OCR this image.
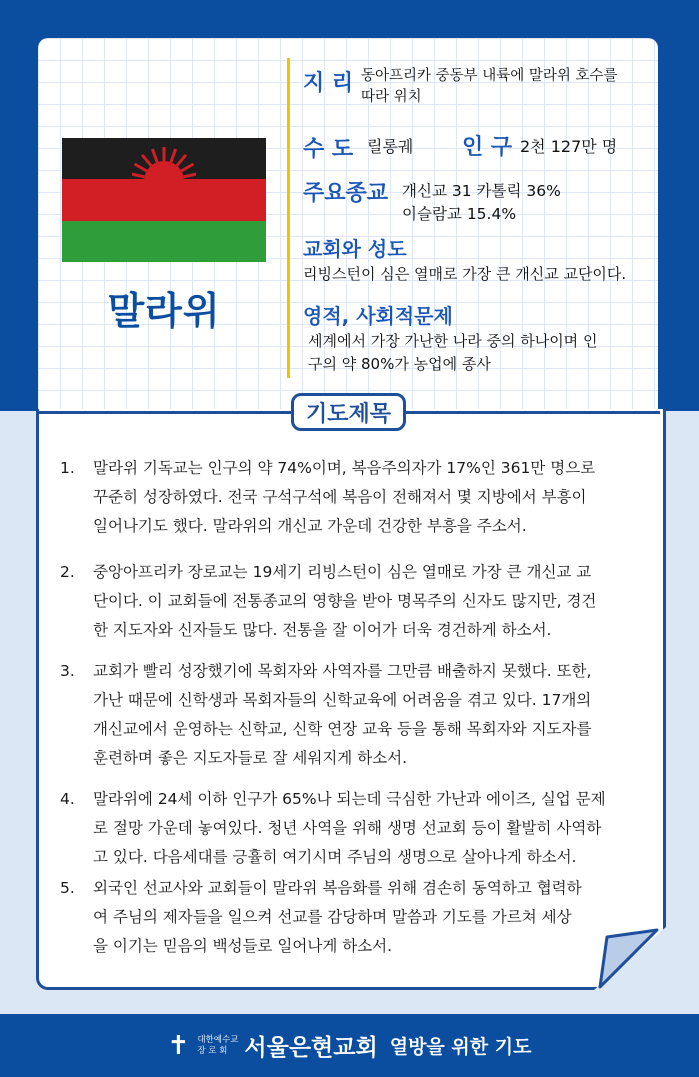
말라위
지 리 동아프리카 중동부 내륙에 말라위 호수를
따라 위치
수 도 릴롱궤 인 구 2천 127만 명
주요종교 개신교 31 카톨릭 36%
이슬람교 15.4%
교회와 성도
리빙스턴이 심은 열매로 가장 큰 개신교 교단이다.
영적, 사회적문제
세계에서 가장 가난한 나라 중의 하나이며 인
구의 약 80%가 농업에 종사
기도제목
1. 말라위 기독교는 인구의 약 74%이며, 복음주의자가 17%인 361만 명으로
꾸준히 성장하였다. 전국 구석구석에 복음이 전해져서 몇 지방에서 부흥이
일어나기도 했다. 말라위의 개신교 가운데 건강한 부흥을 주소서.
2. 중앙아프리카 장로교는 19세기 리빙스턴이 심은 열매로 가장 큰 개신교 교
단이다. 이 교회들에 전통종교의 영향을 받아 명목주의 신자도 많지만, 경건
한 지도자와 신자들도 많다. 전통을 잘 이어가 더욱 경건하게 하소서.
3. 교회가 빨리 성장했기에 목회자와 사역자를 그만큼 배출하지 못했다. 또한,
가난 때문에 신학생과 목회자들의 신학교육에 어려움을 겪고 있다. 17개의
개신교에서 운영하는 신학교, 신학 연장 교육 등을 통해 목회자와 지도자를
훈련하며 좋은 지도자들로 잘 세워지게 하소서.
4. 말라위에 24세 이하 인구가 65%나 되는데 극심한 가난과 에이즈, 실업 문제
로 절망 가운데 놓여있다. 청년 사역을 위해 생명 선교회 등이 활발히 사역하
고 있다. 다음세대를 긍휼히 여기시며 주님의 생명으로 살아나게 하소서.
5. 외국인 선교사와 교회들이 말라위 복음화를 위해 겸손히 동역하고 협력하
여 주님의 제자들을 일으켜 선교를 감당하며 말씀과 기도를 가르쳐 세상
을 이기는 믿음의 백성들로 일어나게 하소서.
✝ 대한예수교
장 로 회 서울은현교회 열방을 위한 기도
